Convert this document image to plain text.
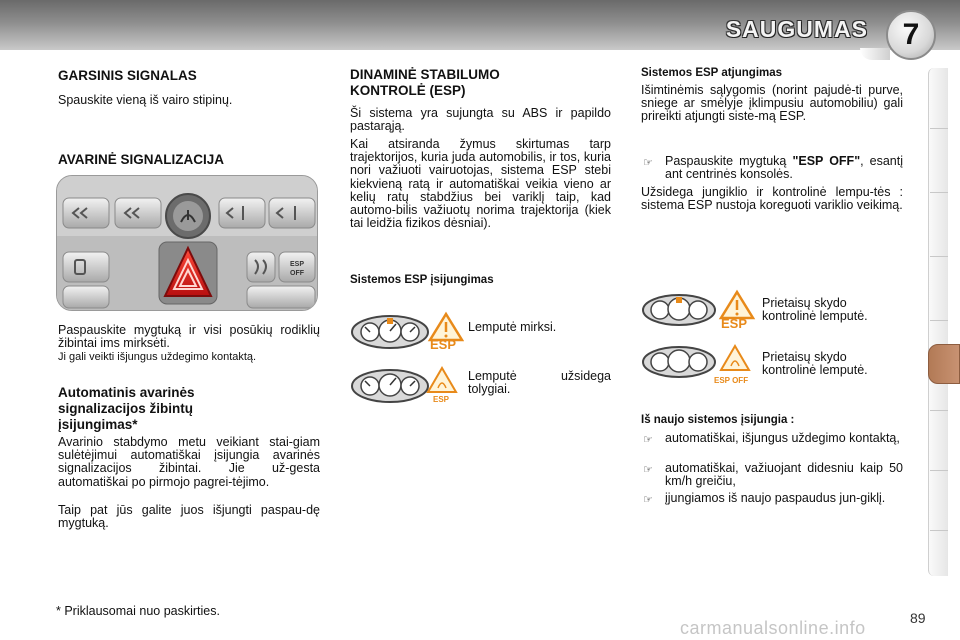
SAUGUMAS 7
GARSINIS SIGNALAS
Spauskite vieną iš vairo stipinų.
AVARINĖ SIGNALIZACIJA
ESP
OFF
Paspauskite mygtuką ir visi posūkių rodiklių žibintai ims mirksėti.
Ji gali veikti išjungus uždegimo kontaktą.
Automatinis avarinės
signalizacijos žibintų
įsijungimas*
Avarinio stabdymo metu veikiant stai-giam sulėtėjimui automatiškai įsijungia avarinės signalizacijos žibintai. Jie už-gesta automatiškai po pirmojo pagrei-tėjimo.
Taip pat jūs galite juos išjungti paspau-dę mygtuką.
* Priklausomai nuo paskirties.
DINAMINĖ STABILUMO
KONTROLĖ (ESP)
Ši sistema yra sujungta su ABS ir papildo pastarąją.
Kai atsiranda žymus skirtumas tarp trajektorijos, kuria juda automobilis, ir tos, kuria nori važiuoti vairuotojas, sistema ESP stebi kiekvieną ratą ir automatiškai veikia vieno ar kelių ratų stabdžius bei variklį taip, kad automo-bilis važiuotų norima trajektorija (kiek tai leidžia fizikos dėsniai).
Sistemos ESP įsijungimas
ESP
Lemputė mirksi.
ESP
Lemputė užsidega tolygiai.
Sistemos ESP atjungimas
Išimtinėmis sąlygomis (norint pajudė-ti purve, sniege ar smėlyje įklimpusiu automobiliu) gali prireikti atjungti siste-mą ESP.
☞ Paspauskite mygtuką "ESP OFF", esantį ant centrinės konsolės.
Užsidega jungiklio ir kontrolinė lempu-tės : sistema ESP nustoja koreguoti variklio veikimą.
ESP
Prietaisų skydo kontrolinė lemputė.
ESP OFF
Prietaisų skydo kontrolinė lemputė.
Iš naujo sistemos įsijungia :
☞ automatiškai, išjungus uždegimo kontaktą,
☞ automatiškai, važiuojant didesniu kaip 50 km/h greičiu,
☞ įjungiamos iš naujo paspaudus jun-giklį.
carmanualsonline.info	89
